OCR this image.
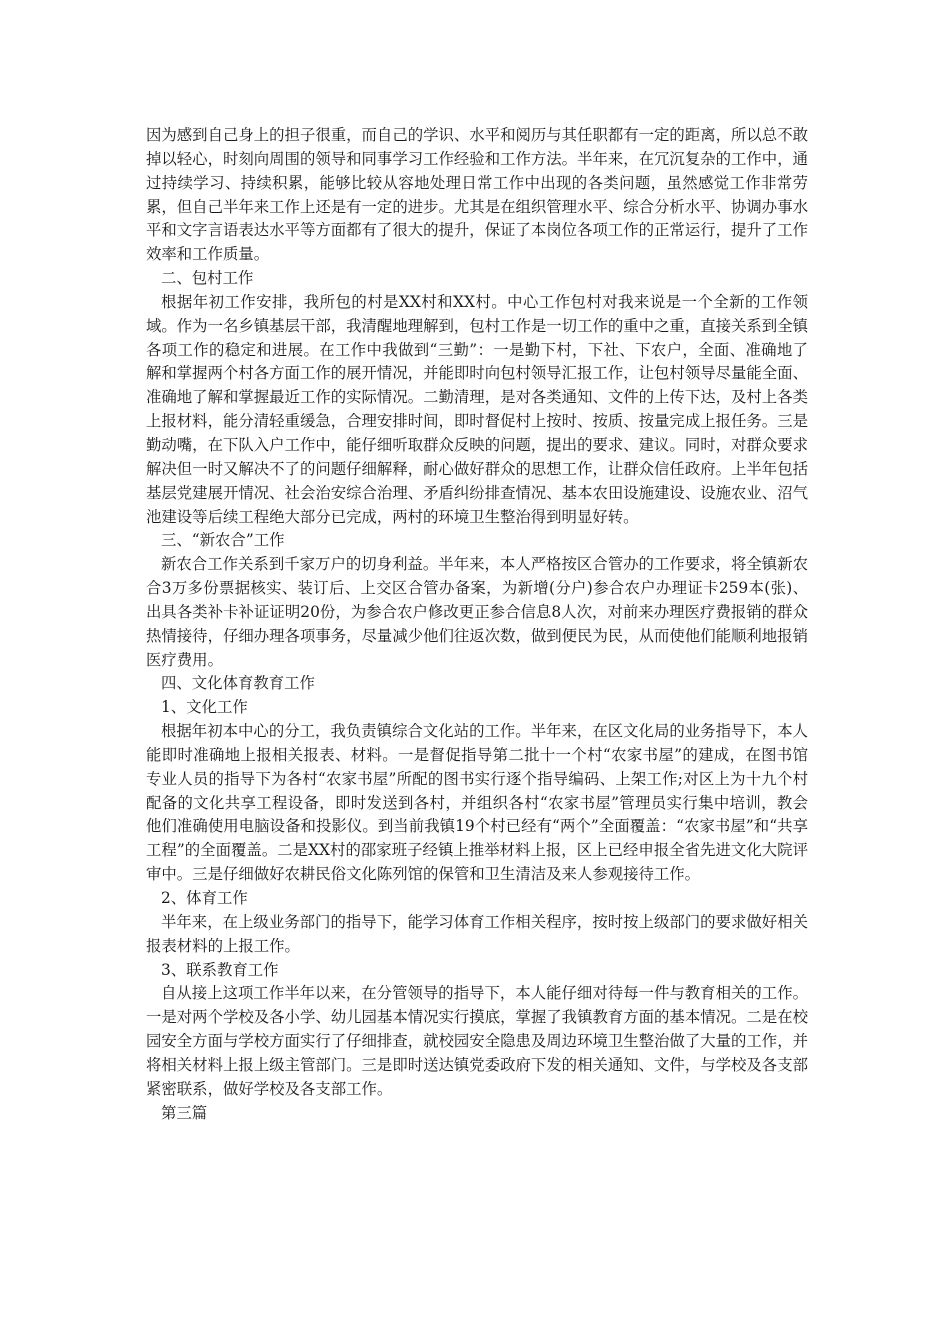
因为感到自己身上的担子很重，而自己的学识、水平和阅历与其任职都有一定的距离，所以总不敢掉以轻心，时刻向周围的领导和同事学习工作经验和工作方法。半年来，在冗沉复杂的工作中，通过持续学习、持续积累，能够比较从容地处理日常工作中出现的各类问题，虽然感觉工作非常劳累，但自己半年来工作上还是有一定的进步。尤其是在组织管理水平、综合分析水平、协调办事水平和文字言语表达水平等方面都有了很大的提升，保证了本岗位各项工作的正常运行，提升了工作效率和工作质量。

二、包村工作

根据年初工作安排，我所包的村是XX村和XX村。中心工作包村对我来说是一个全新的工作领域。作为一名乡镇基层干部，我清醒地理解到，包村工作是一切工作的重中之重，直接关系到全镇各项工作的稳定和进展。在工作中我做到“三勤”：一是勤下村，下社、下农户，全面、准确地了解和掌握两个村各方面工作的展开情况，并能即时向包村领导汇报工作，让包村领导尽量能全面、准确地了解和掌握最近工作的实际情况。二勤清理，是对各类通知、文件的上传下达，及村上各类上报材料，能分清轻重缓急，合理安排时间，即时督促村上按时、按质、按量完成上报任务。三是勤动嘴，在下队入户工作中，能仔细听取群众反映的问题，提出的要求、建议。同时，对群众要求解决但一时又解决不了的问题仔细解释，耐心做好群众的思想工作，让群众信任政府。上半年包括基层党建展开情况、社会治安综合治理、矛盾纠纷排查情况、基本农田设施建设、设施农业、沼气池建设等后续工程绝大部分已完成，两村的环境卫生整治得到明显好转。

三、“新农合”工作

新农合工作关系到千家万户的切身利益。半年来，本人严格按区合管办的工作要求，将全镇新农合3万多份票据核实、装订后、上交区合管办备案，为新增(分户)参合农户办理证卡259本(张)、出具各类补卡补证证明20份，为参合农户修改更正参合信息8人次，对前来办理医疗费报销的群众热情接待，仔细办理各项事务，尽量减少他们往返次数，做到便民为民，从而使他们能顺利地报销医疗费用。

四、文化体育教育工作

1、文化工作

根据年初本中心的分工，我负责镇综合文化站的工作。半年来，在区文化局的业务指导下，本人能即时准确地上报相关报表、材料。一是督促指导第二批十一个村“农家书屋”的建成，在图书馆专业人员的指导下为各村“农家书屋”所配的图书实行逐个指导编码、上架工作;对区上为十九个村配备的文化共享工程设备，即时发送到各村，并组织各村“农家书屋”管理员实行集中培训，教会他们准确使用电脑设备和投影仪。到当前我镇19个村已经有“两个”全面覆盖：“农家书屋”和“共享工程”的全面覆盖。二是XX村的邵家班子经镇上推举材料上报，区上已经申报全省先进文化大院评审中。三是仔细做好农耕民俗文化陈列馆的保管和卫生清洁及来人参观接待工作。

2、体育工作

半年来，在上级业务部门的指导下，能学习体育工作相关程序，按时按上级部门的要求做好相关报表材料的上报工作。

3、联系教育工作

自从接上这项工作半年以来，在分管领导的指导下，本人能仔细对待每一件与教育相关的工作。一是对两个学校及各小学、幼儿园基本情况实行摸底，掌握了我镇教育方面的基本情况。二是在校园安全方面与学校方面实行了仔细排查，就校园安全隐患及周边环境卫生整治做了大量的工作，并将相关材料上报上级主管部门。三是即时送达镇党委政府下发的相关通知、文件，与学校及各支部紧密联系，做好学校及各支部工作。

第三篇
